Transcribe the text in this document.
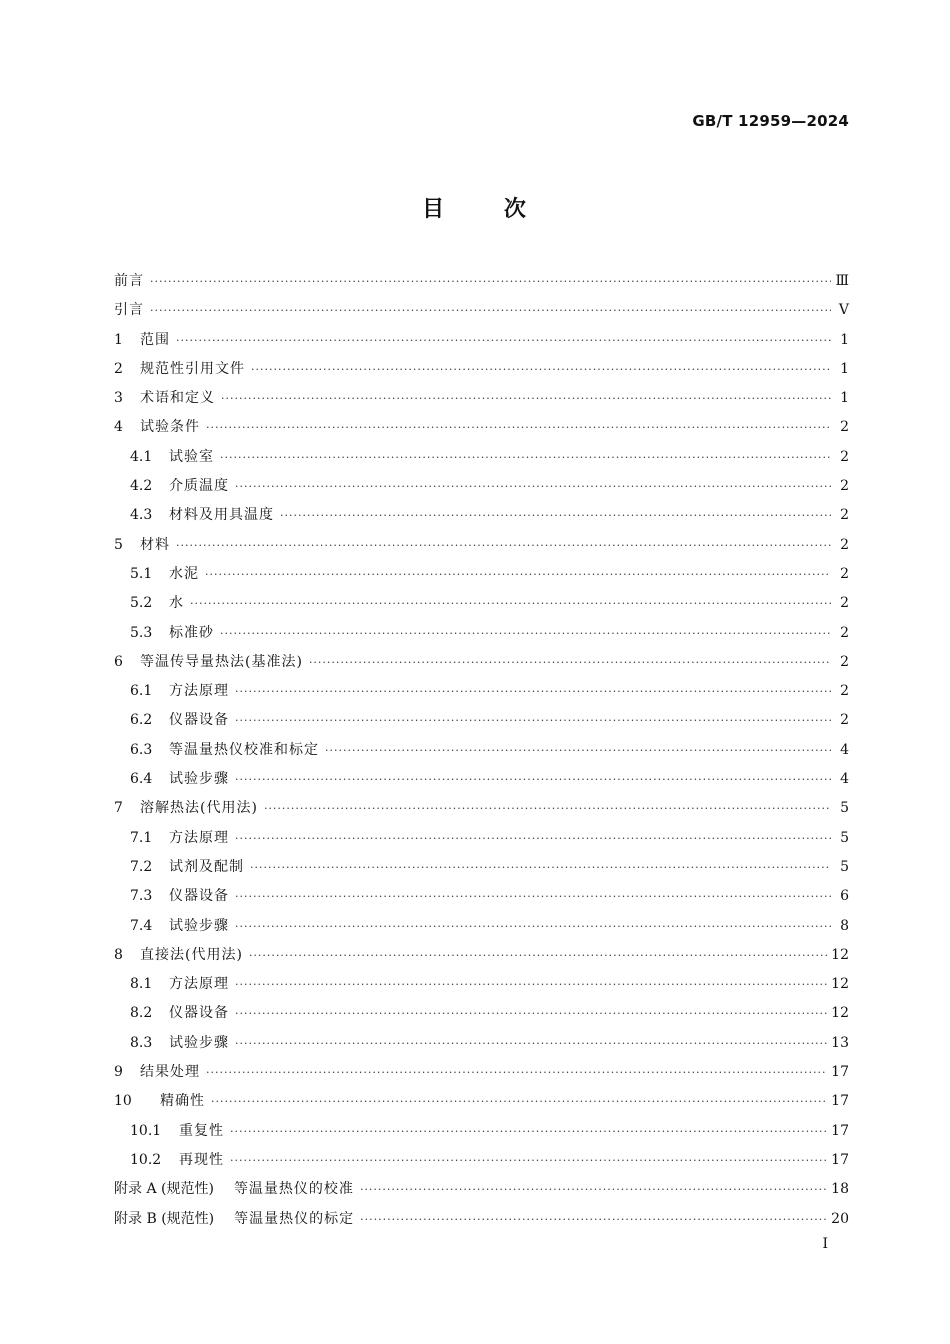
GB/T 12959—2024
目 次
前言 ·····	Ⅲ
引言 ·····	Ⅴ
1	范围 ·····	1
2	规范性引用文件 ·····	1
3	术语和定义 ·····	1
4	试验条件 ·····	2
4.1	试验室 ·····	2
4.2	介质温度 ·····	2
4.3	材料及用具温度 ·····	2
5	材料 ·····	2
5.1	水泥 ·····	2
5.2	水 ·····	2
5.3	标准砂 ·····	2
6	等温传导量热法(基准法) ·····	2
6.1	方法原理 ·····	2
6.2	仪器设备 ·····	2
6.3	等温量热仪校准和标定 ·····	4
6.4	试验步骤 ·····	4
7	溶解热法(代用法) ·····	5
7.1	方法原理 ·····	5
7.2	试剂及配制 ·····	5
7.3	仪器设备 ·····	6
7.4	试验步骤 ·····	8
8	直接法(代用法) ·····	12
8.1	方法原理 ·····	12
8.2	仪器设备 ·····	12
8.3	试验步骤 ·····	13
9	结果处理 ·····	17
10	精确性 ·····	17
10.1	重复性 ·····	17
10.2	再现性 ·····	17
附录 A (规范性) 等温量热仪的校准 ·····	18
附录 B (规范性) 等温量热仪的标定 ·····	20
I
